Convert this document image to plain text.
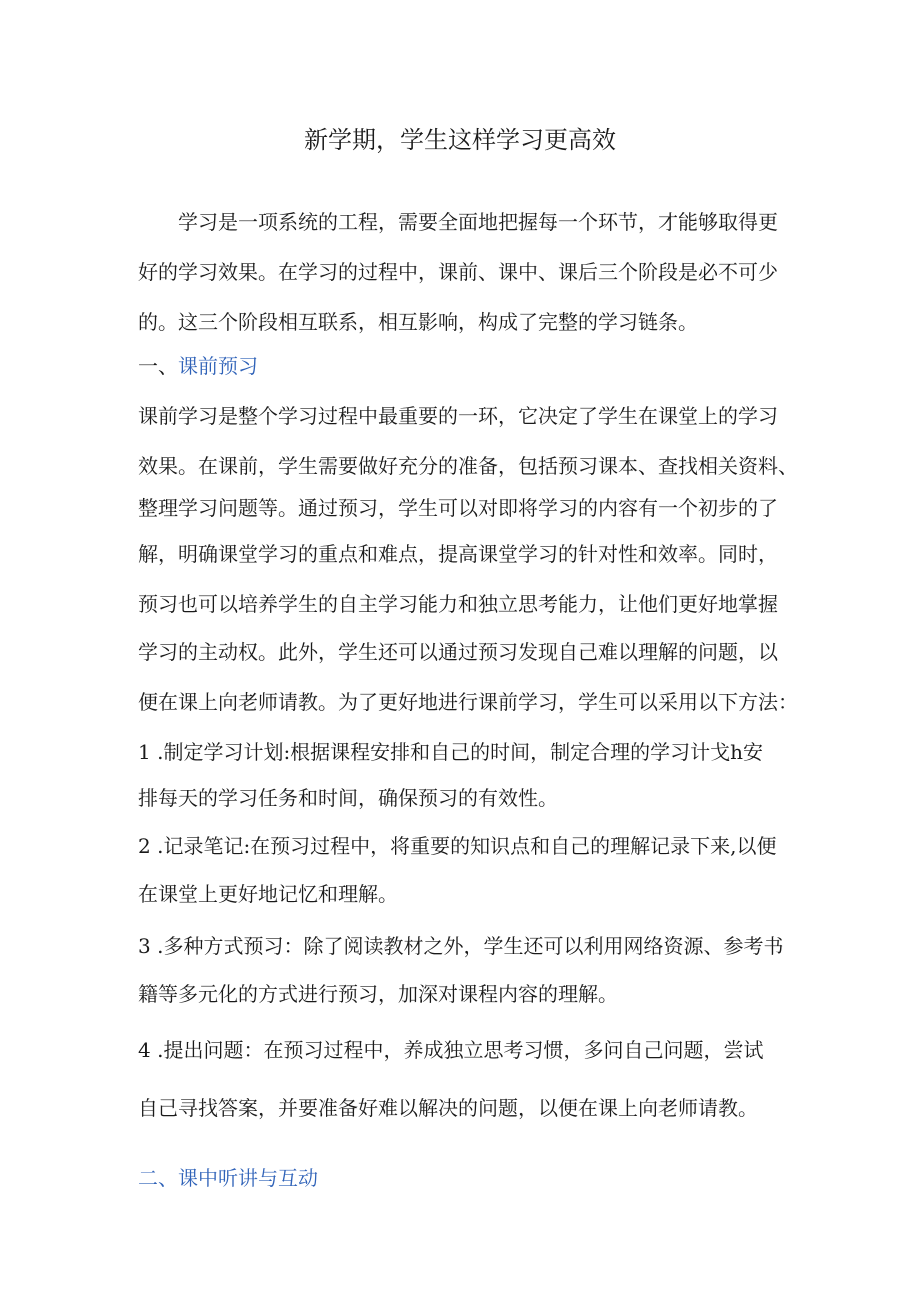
新学期，学生这样学习更高效

学习是一项系统的工程，需要全面地把握每一个环节，才能够取得更

好的学习效果。在学习的过程中，课前、课中、课后三个阶段是必不可少

的。这三个阶段相互联系，相互影响，构成了完整的学习链条。

一、课前预习

课前学习是整个学习过程中最重要的一环，它决定了学生在课堂上的学习

效果。在课前，学生需要做好充分的准备，包括预习课本、查找相关资料、

整理学习问题等。通过预习，学生可以对即将学习的内容有一个初步的了

解，明确课堂学习的重点和难点，提高课堂学习的针对性和效率。同时，

预习也可以培养学生的自主学习能力和独立思考能力，让他们更好地掌握

学习的主动权。此外，学生还可以通过预习发现自己难以理解的问题，以

便在课上向老师请教。为了更好地进行课前学习，学生可以采用以下方法：

1 .制定学习计划:根据课程安排和自己的时间，制定合理的学习计戈h安

排每天的学习任务和时间，确保预习的有效性。

2 .记录笔记:在预习过程中，将重要的知识点和自己的理解记录下来,以便

在课堂上更好地记忆和理解。

3 .多种方式预习：除了阅读教材之外，学生还可以利用网络资源、参考书

籍等多元化的方式进行预习，加深对课程内容的理解。

4 .提出问题：在预习过程中，养成独立思考习惯，多问自己问题，尝试

自己寻找答案，并要准备好难以解决的问题，以便在课上向老师请教。

二、课中听讲与互动
